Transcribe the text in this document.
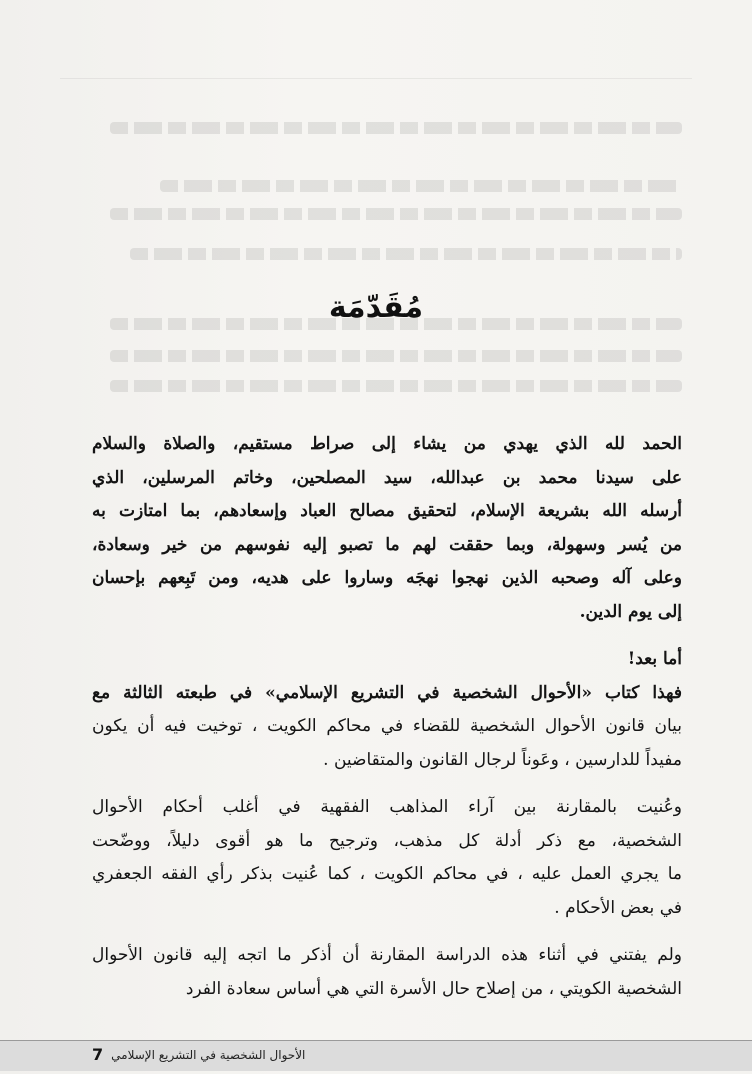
مُقَدّمَة

الحمد لله الذي يهدي من يشاء إلى صراط مستقيم، والصلاة والسلام
على سيدنا محمد بن عبدالله، سيد المصلحين، وخاتم المرسلين، الذي
أرسله الله بشريعة الإسلام، لتحقيق مصالح العباد وإسعادهم، بما امتازت به
من يُسر وسهولة، وبما حققت لهم ما تصبو إليه نفوسهم من خير وسعادة،
وعلى آله وصحبه الذين نهجوا نهجَه وساروا على هديه، ومن تَبِعهم بإحسان
إلى يوم الدين.

أما بعد!

فهذا كتاب «الأحوال الشخصية في التشريع الإسلامي» في طبعته الثالثة مع
بيان قانون الأحوال الشخصية للقضاء في محاكم الكويت ، توخيت فيه أن يكون
مفيداً للدارسين ، وعَوناً لرجال القانون والمتقاضين .

وعُنيت بالمقارنة بين آراء المذاهب الفقهية في أغلب أحكام الأحوال
الشخصية، مع ذكر أدلة كل مذهب، وترجيح ما هو أقوى دليلاً، ووضّحت
ما يجري العمل عليه ، في محاكم الكويت ، كما عُنيت بذكر رأي الفقه الجعفري
في بعض الأحكام .

ولم يفتني في أثناء هذه الدراسة المقارنة أن أذكر ما اتجه إليه قانون الأحوال
الشخصية الكويتي ، من إصلاح حال الأسرة التي هي أساس سعادة الفرد

7 الأحوال الشخصية في التشريع الإسلامي
